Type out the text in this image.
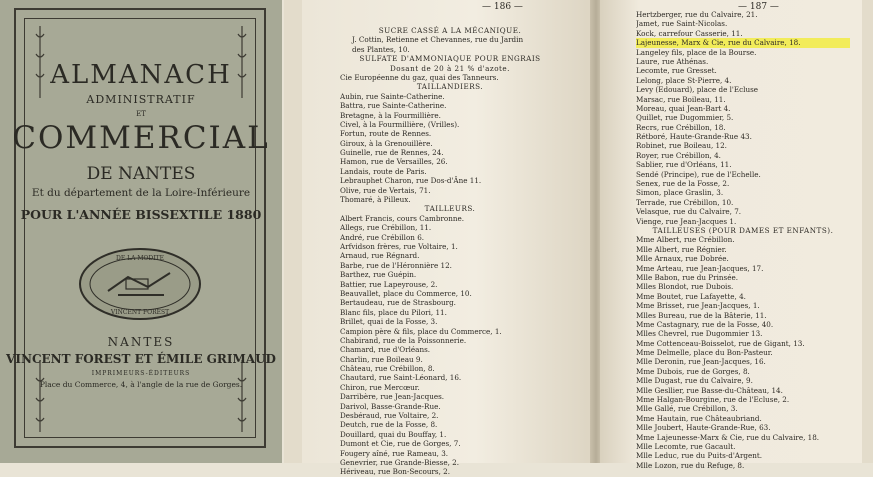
ALMANACH
ADMINISTRATIF
ET
COMMERCIAL
DE NANTES
Et du département de la Loire-Inférieure
POUR L'ANNÉE BISSEXTILE 1880
DE LA MODITE
VINCENT FOREST
NANTES
VINCENT FOREST ET ÉMILE GRIMAUD
IMPRIMEURS-ÉDITEURS
Place du Commerce, 4, à l'angle de la rue de Gorges.
— 186 —	— 187 —
SUCRE CASSÉ A LA MÉCANIQUE.
J. Cottin, Retienne et Chevannes, rue du Jardin
des Plantes, 10.
SULFATE D'AMMONIAQUE POUR ENGRAIS
Dosant de 20 à 21 % d'azote.
Cie Européenne du gaz, quai des Tanneurs.
TAILLANDIERS.
Aubin, rue Sainte-Catherine.
Battra, rue Sainte-Catherine.
Bretagne, à la Fourmillière.
Civel, à la Fourmillière, (Vrilles).
Fortun, route de Rennes.
Giroux, à la Grenouillère.
Guinelle, rue de Rennes, 24.
Hamon, rue de Versailles, 26.
Landais, route de Paris.
Lebrauphet Charon, rue Dos-d'Âne 11.
Olive, rue de Vertais, 71.
Thomaré, à Pilleux.
TAILLEURS.
Albert Francis, cours Cambronne.
Allegs, rue Crébillon, 11.
André, rue Crébillon 6.
Arfvidson frères, rue Voltaire, 1.
Arnaud, rue Régnard.
Barbe, rue de l'Héronnière 12.
Barthez, rue Guépin.
Battier, rue Lapeyrouse, 2.
Beauvallet, place du Commerce, 10.
Bertaudeau, rue de Strasbourg.
Blanc fils, place du Pilori, 11.
Brillet, quai de la Fosse, 3.
Campion père & fils, place du Commerce, 1.
Chabirand, rue de la Poissonnerie.
Chamard, rue d'Orléans.
Charlin, rue Boileau 9.
Château, rue Crébillon, 8.
Chautard, rue Saint-Léonard, 16.
Chiron, rue Mercœur.
Darribère, rue Jean-Jacques.
Darivol, Basse-Grande-Rue.
Desbéraud, rue Voltaire, 2.
Deutch, rue de la Fosse, 8.
Douillard, quai du Bouffay, 1.
Dumont et Cie, rue de Gorges, 7.
Fougery aîné, rue Rameau, 3.
Genevrier, rue Grande-Biesse, 2.
Hériveau, rue Bon-Secours, 2.
Hertzberger, rue du Calvaire, 21.
Jamet, rue Saint-Nicolas.
Kock, carrefour Casserie, 11.
Lajeunesse, Marx & Cie, rue du Calvaire, 18.
Langeley fils, place de la Bourse.
Laure, rue Athénas.
Lecomte, rue Gresset.
Lelong, place St-Pierre, 4.
Levy (Edouard), place de l'Ecluse
Marsac, rue Boileau, 11.
Moreau, quai Jean-Bart 4.
Quillet, rue Dugommier, 5.
Recrs, rue Crébillon, 18.
Rétboré, Haute-Grande-Rue 43.
Robinet, rue Boileau, 12.
Royer, rue Crébillon, 4.
Sablier, rue d'Orléans, 11.
Sendé (Principe), rue de l'Echelle.
Senex, rue de la Fosse, 2.
Simon, place Graslin, 3.
Terrade, rue Crébillon, 10.
Velasque, rue du Calvaire, 7.
Vienge, rue Jean-Jacques 1.
TAILLEUSES (POUR DAMES ET ENFANTS).
Mme Albert, rue Crébillon.
Mlle Albert, rue Régnier.
Mlle Arnaux, rue Dobrée.
Mme Arteau, rue Jean-Jacques, 17.
Mlle Babon, rue du Prinsée.
Mlles Blondot, rue Dubois.
Mme Boutet, rue Lafayette, 4.
Mme Brisset, rue Jean-Jacques, 1.
Mlles Bureau, rue de la Bâterie, 11.
Mme Castagnary, rue de la Fosse, 40.
Mlles Chevrel, rue Dugommier 13.
Mme Cottenceau-Boisselot, rue de Gigant, 13.
Mme Delmelle, place du Bon-Pasteur.
Mlle Deronin, rue Jean-Jacques, 16.
Mme Dubois, rue de Gorges, 8.
Mlle Dugast, rue du Calvaire, 9.
Mlle Gesllier, rue Basse-du-Château, 14.
Mme Halgan-Bourgine, rue de l'Ecluse, 2.
Mlle Gallé, rue Crébillon, 3.
Mme Hautain, rue Châteaubriand.
Mlle Joubert, Haute-Grande-Rue, 63.
Mme Lajeunesse-Marx & Cie, rue du Calvaire, 18.
Mlle Lecomte, rue Gacault.
Mlle Leduc, rue du Puits-d'Argent.
Mlle Lozon, rue du Refuge, 8.
